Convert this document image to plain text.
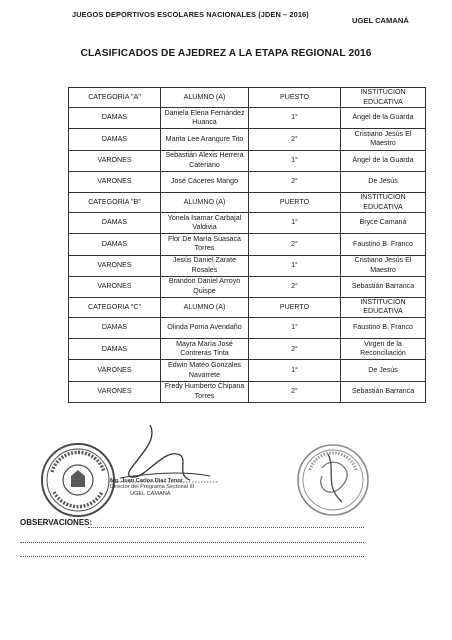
JUEGOS DEPORTIVOS ESCOLARES NACIONALES (JDEN – 2016)
UGEL CAMANÁ
CLASIFICADOS DE AJEDREZ A LA ETAPA REGIONAL 2016
CATEGORIA "A"	ALUMNO (A)	PUESTO	INSTITUCION EDUCATIVA
DAMAS	Daniela Elena Fernández Huanca	1°	Ángel de la Guarda
DAMAS	Marita Lee Arangure Tito	2°	Cristiano Jesús El Maestro
VARONES	Sebastián Alexis Herrera Cateriano	1°	Ángel de la Guarda
VARONES	José Cáceres Mango	2°	De Jesús
CATEGORIA "B"	ALUMNO (A)	PUERTO	INSTITUCION EDUCATIVA
DAMAS	Yonela Isamar Carbajal Valdivia	1°	Bryce Camaná
DAMAS	Flor De María Suasaca Torres	2°	Faustino B. Franco
VARONES	Jesús Daniel Zarate Rosales	1°	Cristiano Jesús El Maestro
VARONES	Brandon Daniel Arroyo Quispe	2°	Sebastián Barranca
CATEGORIA "C"	ALUMNO (A)	PUERTO	INSTITUCION EDUCATIVA
DAMAS	Olinda Poma Avendaño	1°	Faustino B. Franco
DAMAS	Mayra María José Contreras Tinta	2°	Virgen de la Reconciliación
VARONES	Edwin Mateo Gonzales Navarrete	1°	De Jesús
VARONES	Fredy Humberto Chipana Torres	2°	Sebastián Barranca
Mg. Juan Carlos Diaz Tenor
Director del Programa Sectorial III
UGEL CAMANÁ
OBSERVACIONES:
